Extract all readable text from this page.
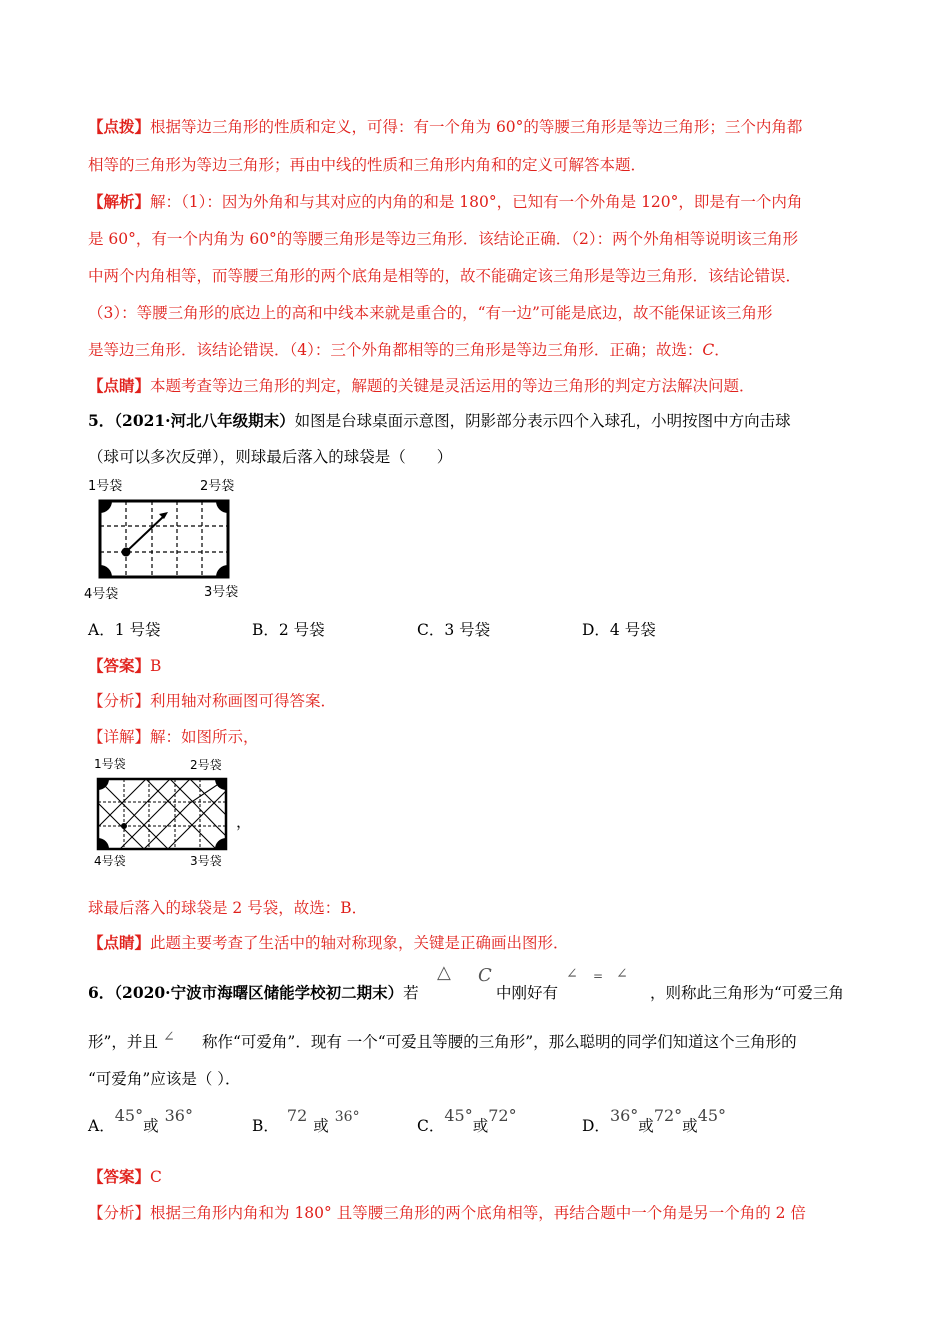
【点拨】根据等边三角形的性质和定义，可得：有一个角为 60°的等腰三角形是等边三角形；三个内角都
相等的三角形为等边三角形；再由中线的性质和三角形内角和的定义可解答本题．
【解析】解：（1）：因为外角和与其对应的内角的和是 180°，已知有一个外角是 120°，即是有一个内角
是 60°，有一个内角为 60°的等腰三角形是等边三角形．该结论正确．（2）：两个外角相等说明该三角形
中两个内角相等，而等腰三角形的两个底角是相等的，故不能确定该三角形是等边三角形．该结论错误．
（3）：等腰三角形的底边上的高和中线本来就是重合的，“有一边”可能是底边，故不能保证该三角形
是等边三角形．该结论错误．（4）：三个外角都相等的三角形是等边三角形．正确；故选：C．
【点睛】本题考查等边三角形的判定，解题的关键是灵活运用的等边三角形的判定方法解决问题．
5．（2021·河北八年级期末）如图是台球桌面示意图，阴影部分表示四个入球孔，小明按图中方向击球
（球可以多次反弹），则球最后落入的球袋是（　　）
1号袋	2号袋
4号袋	3号袋
A．1 号袋	B．2 号袋	C．3 号袋	D．4 号袋
【答案】B
【分析】利用轴对称画图可得答案．
【详解】解：如图所示，
1号袋	2号袋
4号袋	3号袋
，
球最后落入的球袋是 2 号袋，故选：B．
【点睛】此题主要考查了生活中的轴对称现象，关键是正确画出图形．
6．（2020·宁波市海曙区储能学校初二期末）若
△ C
中刚好有
∠ = ∠
，则称此三角形为“可爱三角
形”，并且 ∠ 称作“可爱角”．现有 一个“可爱且等腰的三角形”，那么聪明的同学们知道这个三角形的
“可爱角”应该是（ ）．
A．45°或36°
B．72或 36°	C．45°或72°
D．36°或72°或45°
【答案】C
【分析】根据三角形内角和为 180° 且等腰三角形的两个底角相等，再结合题中一个角是另一个角的 2 倍
